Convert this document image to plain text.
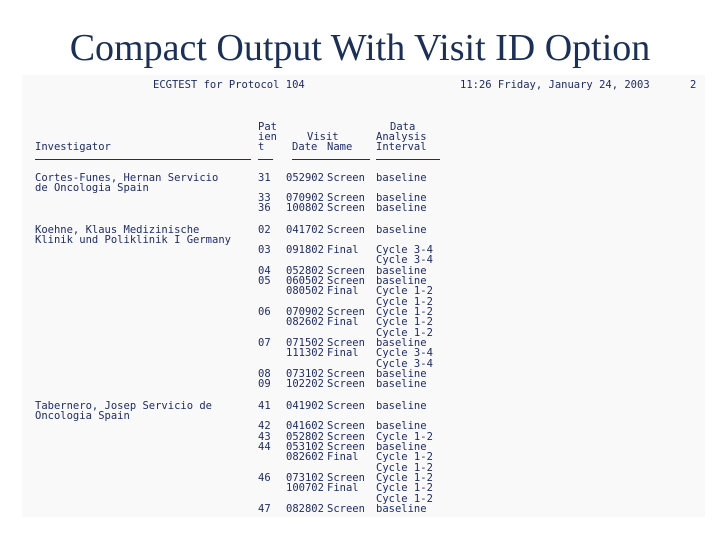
Compact Output With Visit ID Option
ECGTEST for Protocol 104	11:26 Friday, January 24, 2003	2
Pat
ien
t
Visit
Date Name
Data
Analysis
Interval
Investigator
Cortes-Funes, Hernan Servicio
de Oncologia Spain
Koehne, Klaus Medizinische
Klinik und Poliklinik I Germany
Tabernero, Josep Servicio de
Oncologia Spain
31 052902 Screen baseline
33 070902 Screen baseline
36 100802 Screen baseline
02 041702 Screen baseline
03 091802 Final Cycle 3-4
Cycle 3-4
04 052802 Screen baseline
05 060502 Screen baseline
080502 Final Cycle 1-2
Cycle 1-2
06 070902 Screen Cycle 1-2
082602 Final Cycle 1-2
Cycle 1-2
07 071502 Screen baseline
111302 Final Cycle 3-4
Cycle 3-4
08 073102 Screen baseline
09 102202 Screen baseline
41 041902 Screen baseline
42 041602 Screen baseline
43 052802 Screen Cycle 1-2
44 053102 Screen baseline
082602 Final Cycle 1-2
Cycle 1-2
46 073102 Screen Cycle 1-2
100702 Final Cycle 1-2
Cycle 1-2
47 082802 Screen baseline
